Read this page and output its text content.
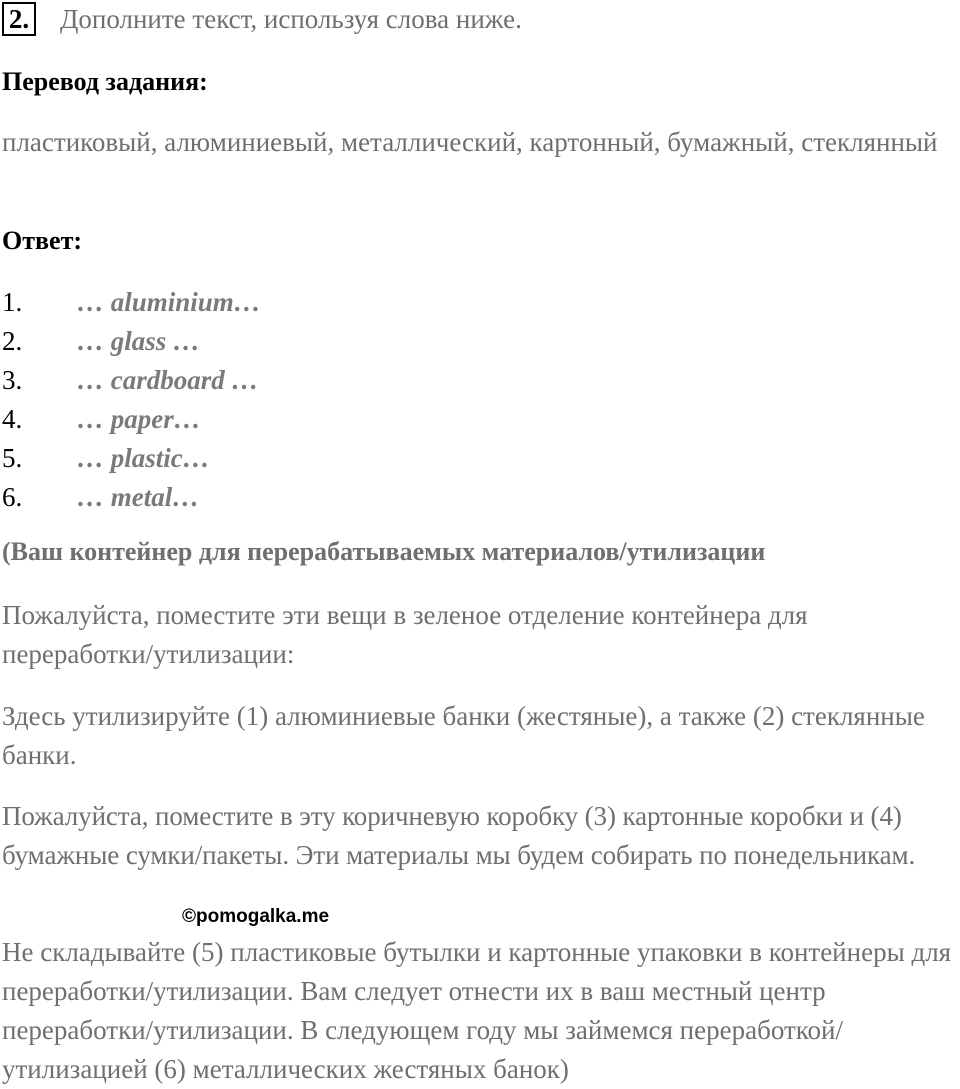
2. Дополните текст, используя слова ниже.
Перевод задания:
пластиковый, алюминиевый, металлический, картонный, бумажный, стеклянный
Ответ:
1.	… aluminium…
2.	… glass …
3.	… cardboard …
4.	… paper…
5.	… plastic…
6.	… metal…
(Ваш контейнер для перерабатываемых материалов/утилизации
Пожалуйста, поместите эти вещи в зеленое отделение контейнера для переработки/утилизации:
Здесь утилизируйте (1) алюминиевые банки (жестяные), а также (2) стеклянные банки.
Пожалуйста, поместите в эту коричневую коробку (3) картонные коробки и (4) бумажные сумки/пакеты. Эти материалы мы будем собирать по понедельникам.
Не складывайте (5) пластиковые бутылки и картонные упаковки в контейнеры для переработки/утилизации. Вам следует отнести их в ваш местный центр переработки/утилизации. В следующем году мы займемся переработкой/утилизацией (6) металлических жестяных банок)
©pomogalka.me
